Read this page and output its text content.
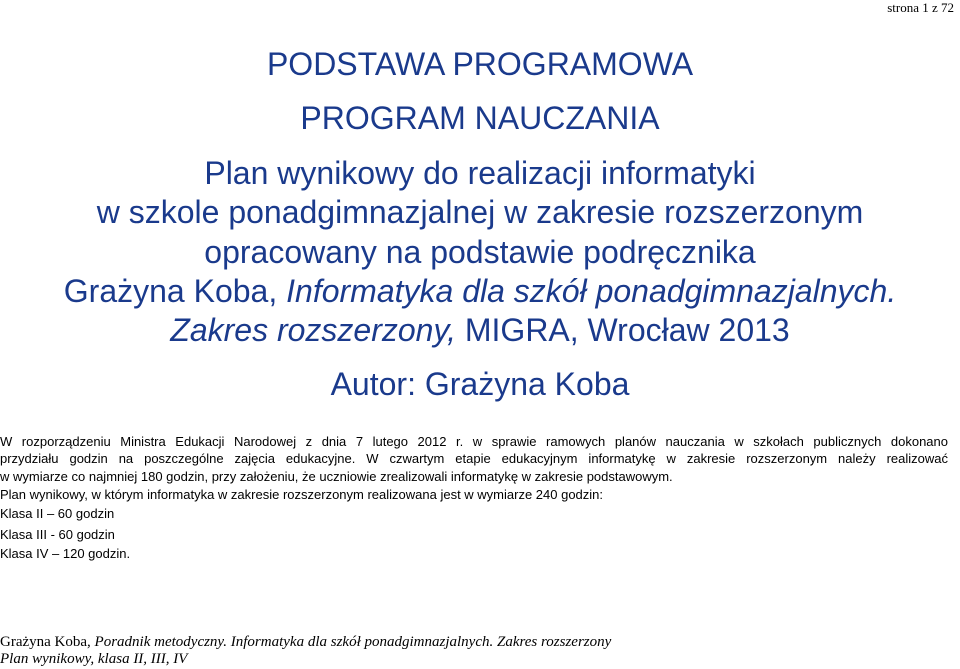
strona 1 z 72
PODSTAWA PROGRAMOWA
PROGRAM NAUCZANIA
Plan wynikowy do realizacji informatyki
w szkole ponadgimnazjalnej w zakresie rozszerzonym
opracowany na podstawie podręcznika
Grażyna Koba, Informatyka dla szkół ponadgimnazjalnych.
Zakres rozszerzony, MIGRA, Wrocław 2013
Autor: Grażyna Koba
W rozporządzeniu Ministra Edukacji Narodowej z dnia 7 lutego 2012 r. w sprawie ramowych planów nauczania w szkołach publicznych dokonano
przydziału godzin na poszczególne zajęcia edukacyjne. W czwartym etapie edukacyjnym informatykę w zakresie rozszerzonym należy realizować
w wymiarze co najmniej 180 godzin, przy założeniu, że uczniowie zrealizowali informatykę w zakresie podstawowym.
Plan wynikowy, w którym informatyka w zakresie rozszerzonym realizowana jest w wymiarze 240 godzin:
Klasa II – 60 godzin
Klasa III - 60 godzin
Klasa IV – 120 godzin.
Grażyna Koba, Poradnik metodyczny. Informatyka dla szkół ponadgimnazjalnych. Zakres rozszerzony
Plan wynikowy, klasa II, III, IV
